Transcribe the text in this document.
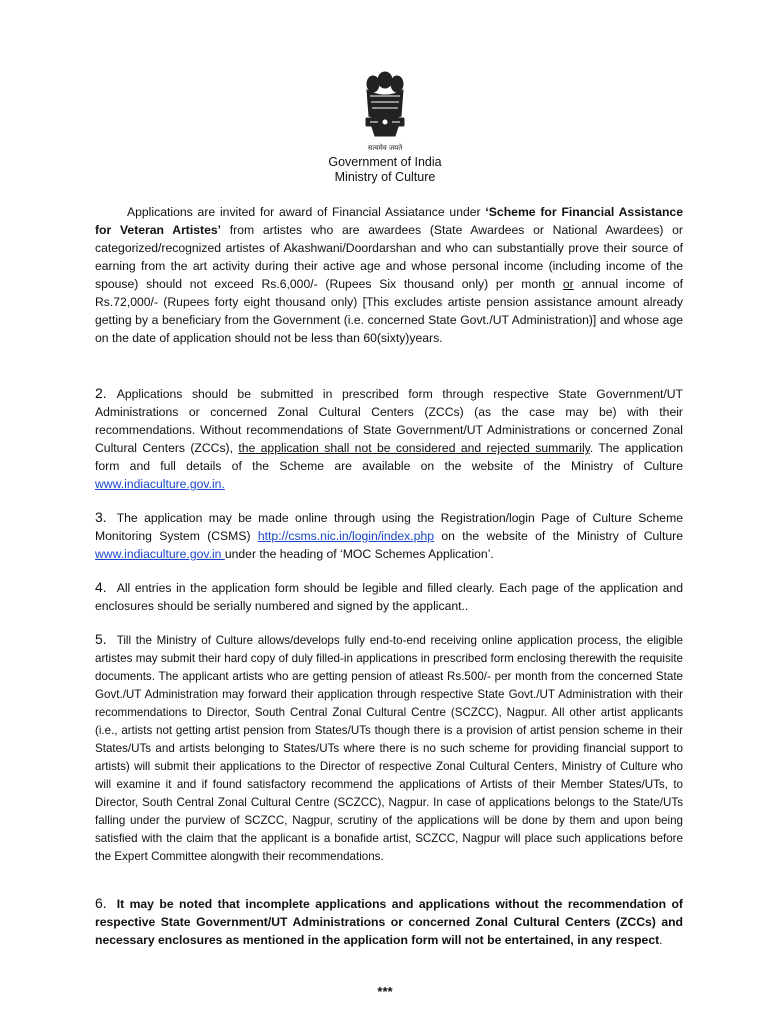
सत्यमेव जयते
Government of India
Ministry of Culture

Applications are invited for award of Financial Assiatance under ‘Scheme for Financial Assistance for Veteran Artistes’ from artistes who are awardees (State Awardees or National Awardees) or categorized/recognized artistes of Akashwani/Doordarshan and who can substantially prove their source of earning from the art activity during their active age and whose personal income (including income of the spouse) should not exceed Rs.6,000/- (Rupees Six thousand only) per month or annual income of Rs.72,000/- (Rupees forty eight thousand only) [This excludes artiste pension assistance amount already getting by a beneficiary from the Government (i.e. concerned State Govt./UT Administration)] and whose age on the date of application should not be less than 60(sixty)years.

2. Applications should be submitted in prescribed form through respective State Government/UT Administrations or concerned Zonal Cultural Centers (ZCCs) (as the case may be) with their recommendations. Without recommendations of State Government/UT Administrations or concerned Zonal Cultural Centers (ZCCs), the application shall not be considered and rejected summarily. The application form and full details of the Scheme are available on the website of the Ministry of Culture www.indiaculture.gov.in.

3. The application may be made online through using the Registration/login Page of Culture Scheme Monitoring System (CSMS) http://csms.nic.in/login/index.php on the website of the Ministry of Culture www.indiaculture.gov.in under the heading of ‘MOC Schemes Application’.

4. All entries in the application form should be legible and filled clearly. Each page of the application and enclosures should be serially numbered and signed by the applicant..

5. Till the Ministry of Culture allows/develops fully end-to-end receiving online application process, the eligible artistes may submit their hard copy of duly filled-in applications in prescribed form enclosing therewith the requisite documents. The applicant artists who are getting pension of atleast Rs.500/- per month from the concerned State Govt./UT Administration may forward their application through respective State Govt./UT Administration with their recommendations to Director, South Central Zonal Cultural Centre (SCZCC), Nagpur. All other artist applicants (i.e., artists not getting artist pension from States/UTs though there is a provision of artist pension scheme in their States/UTs and artists belonging to States/UTs where there is no such scheme for providing financial support to artists) will submit their applications to the Director of respective Zonal Cultural Centers, Ministry of Culture who will examine it and if found satisfactory recommend the applications of Artists of their Member States/UTs, to Director, South Central Zonal Cultural Centre (SCZCC), Nagpur. In case of applications belongs to the State/UTs falling under the purview of SCZCC, Nagpur, scrutiny of the applications will be done by them and upon being satisfied with the claim that the applicant is a bonafide artist, SCZCC, Nagpur will place such applications before the Expert Committee alongwith their recommendations.

6. It may be noted that incomplete applications and applications without the recommendation of respective State Government/UT Administrations or concerned Zonal Cultural Centers (ZCCs) and necessary enclosures as mentioned in the application form will not be entertained, in any respect.

***
